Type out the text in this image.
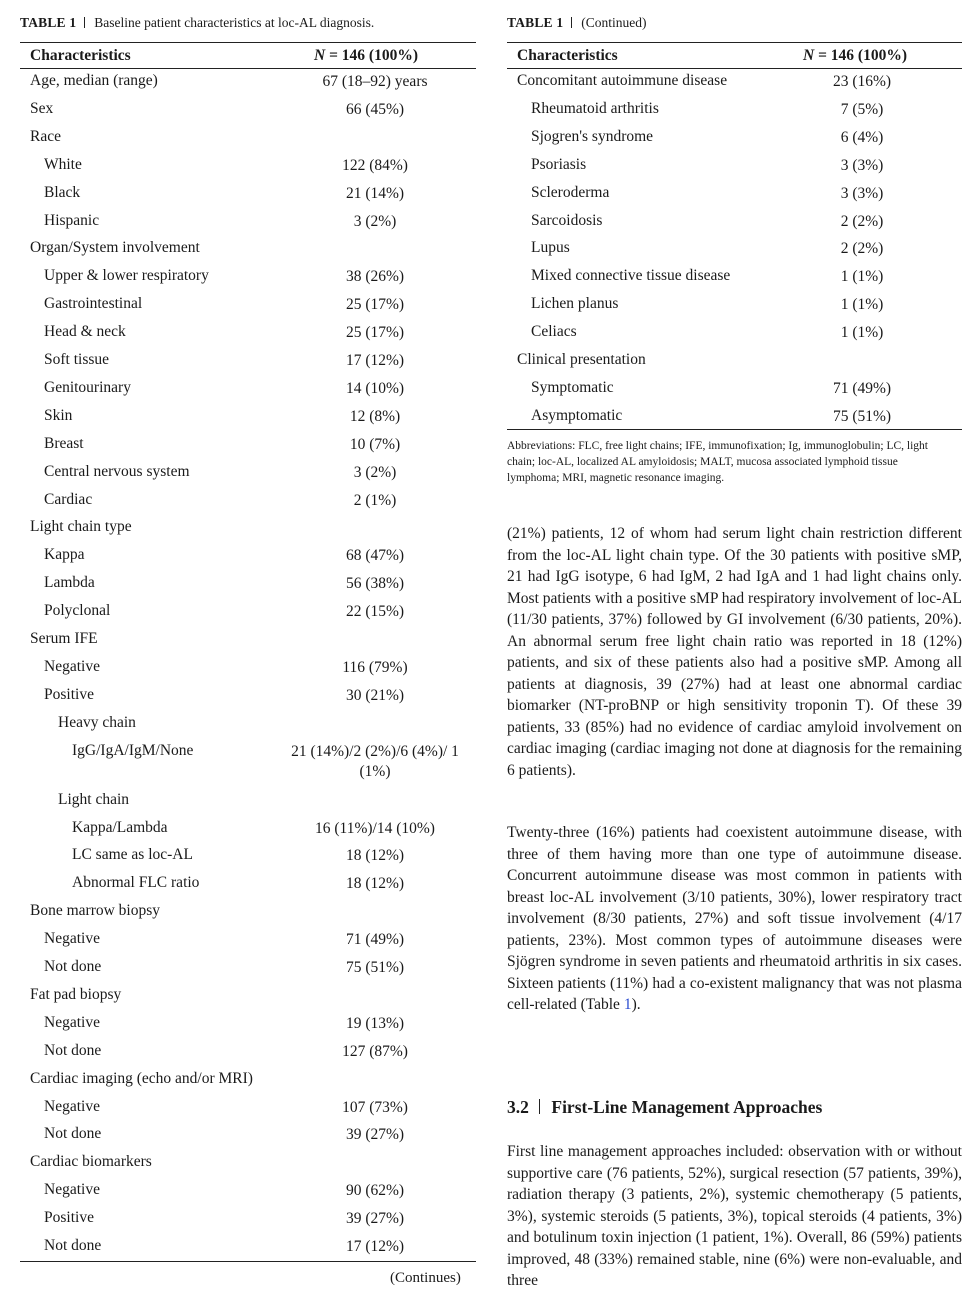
TABLE 1 Baseline patient characteristics at loc-AL diagnosis.
Characteristics	N = 146 (100%)
Age, median (range)	67 (18–92) years
Sex	66 (45%)
Race
White	122 (84%)
Black	21 (14%)
Hispanic	3 (2%)
Organ/System involvement
Upper & lower respiratory	38 (26%)
Gastrointestinal	25 (17%)
Head & neck	25 (17%)
Soft tissue	17 (12%)
Genitourinary	14 (10%)
Skin	12 (8%)
Breast	10 (7%)
Central nervous system	3 (2%)
Cardiac	2 (1%)
Light chain type
Kappa	68 (47%)
Lambda	56 (38%)
Polyclonal	22 (15%)
Serum IFE
Negative	116 (79%)
Positive	30 (21%)
Heavy chain
IgG/IgA/IgM/None	21 (14%)/2 (2%)/6 (4%)/ 1 (1%)
Light chain
Kappa/Lambda	16 (11%)/14 (10%)
LC same as loc-AL	18 (12%)
Abnormal FLC ratio	18 (12%)
Bone marrow biopsy
Negative	71 (49%)
Not done	75 (51%)
Fat pad biopsy
Negative	19 (13%)
Not done	127 (87%)
Cardiac imaging (echo and/or MRI)
Negative	107 (73%)
Not done	39 (27%)
Cardiac biomarkers
Negative	90 (62%)
Positive	39 (27%)
Not done	17 (12%)
(Continues)
TABLE 1 (Continued)
Characteristics	N = 146 (100%)
Concomitant autoimmune disease	23 (16%)
Rheumatoid arthritis	7 (5%)
Sjogren's syndrome	6 (4%)
Psoriasis	3 (3%)
Scleroderma	3 (3%)
Sarcoidosis	2 (2%)
Lupus	2 (2%)
Mixed connective tissue disease	1 (1%)
Lichen planus	1 (1%)
Celiacs	1 (1%)
Clinical presentation
Symptomatic	71 (49%)
Asymptomatic	75 (51%)
Abbreviations: FLC, free light chains; IFE, immunofixation; Ig, immunoglobulin; LC, light chain; loc-AL, localized AL amyloidosis; MALT, mucosa associated lymphoid tissue lymphoma; MRI, magnetic resonance imaging.
(21%) patients, 12 of whom had serum light chain restriction different from the loc-AL light chain type. Of the 30 patients with positive sMP, 21 had IgG isotype, 6 had IgM, 2 had IgA and 1 had light chains only. Most patients with a positive sMP had respiratory involvement of loc-AL (11/30 patients, 37%) followed by GI involvement (6/30 patients, 20%). An abnormal serum free light chain ratio was reported in 18 (12%) patients, and six of these patients also had a positive sMP. Among all patients at diagnosis, 39 (27%) had at least one abnormal cardiac biomarker (NT-proBNP or high sensitivity troponin T). Of these 39 patients, 33 (85%) had no evidence of cardiac amyloid involvement on cardiac imaging (cardiac imaging not done at diagnosis for the remaining 6 patients).
Twenty-three (16%) patients had coexistent autoimmune disease, with three of them having more than one type of autoimmune disease. Concurrent autoimmune disease was most common in patients with breast loc-AL involvement (3/10 patients, 30%), lower respiratory tract involvement (8/30 patients, 27%) and soft tissue involvement (4/17 patients, 23%). Most common types of autoimmune diseases were Sjögren syndrome in seven patients and rheumatoid arthritis in six cases. Sixteen patients (11%) had a co-existent malignancy that was not plasma cell-related (Table 1).
3.2 First-Line Management Approaches
First line management approaches included: observation with or without supportive care (76 patients, 52%), surgical resection (57 patients, 39%), radiation therapy (3 patients, 2%), systemic chemotherapy (5 patients, 3%), systemic steroids (5 patients, 3%), topical steroids (4 patients, 3%) and botulinum toxin injection (1 patient, 1%). Overall, 86 (59%) patients improved, 48 (33%) remained stable, nine (6%) were non-evaluable, and three
